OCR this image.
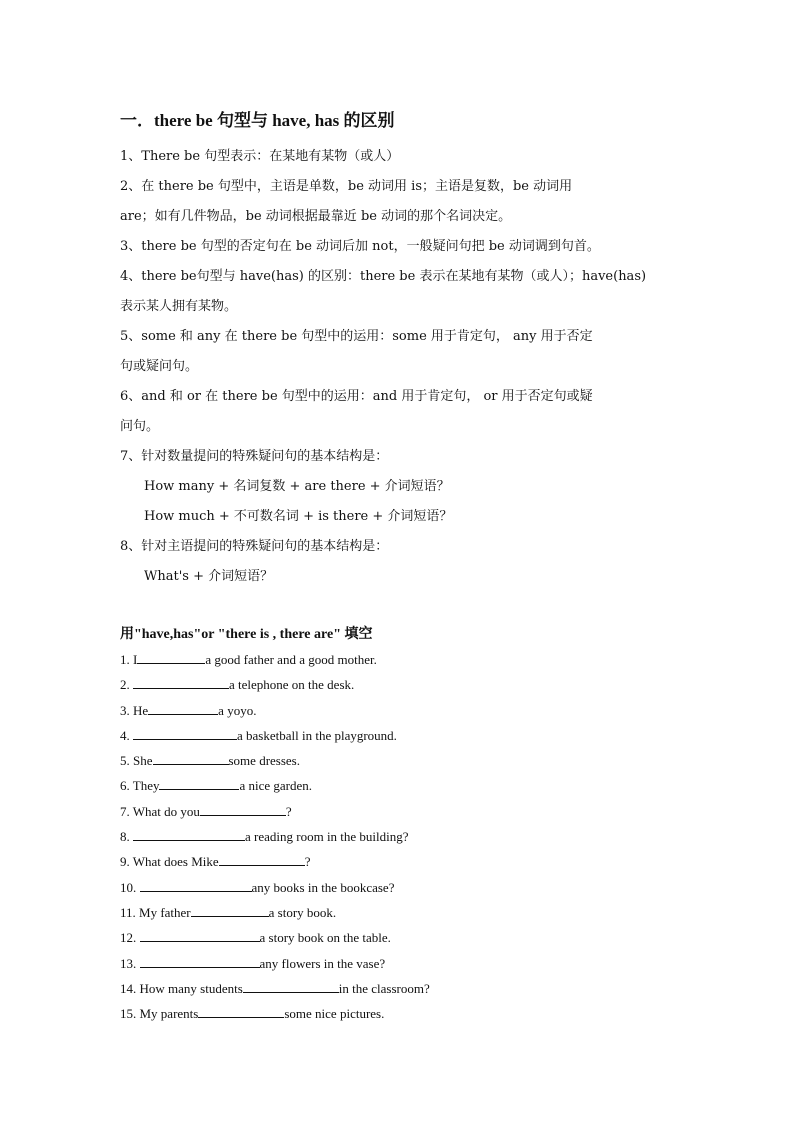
一．there be 句型与 have, has 的区别
1、There be 句型表示：在某地有某物（或人）
2、在 there be 句型中，主语是单数，be 动词用 is；主语是复数，be 动词用
are；如有几件物品，be 动词根据最靠近 be 动词的那个名词决定。
3、there be 句型的否定句在 be 动词后加 not，一般疑问句把 be 动词调到句首。
4、there be句型与 have(has) 的区别：there be 表示在某地有某物（或人）；have(has)
表示某人拥有某物。
5、some 和 any 在 there be 句型中的运用：some 用于肯定句， any 用于否定
句或疑问句。
6、and 和 or 在 there be 句型中的运用：and 用于肯定句， or 用于否定句或疑
问句。
7、针对数量提问的特殊疑问句的基本结构是：
How many + 名词复数 + are there + 介词短语？
How much + 不可数名词 + is there + 介词短语？
8、针对主语提问的特殊疑问句的基本结构是：
What's + 介词短语？
用"have,has"or "there is , there are" 填空
1. I	a good father and a good mother.
2.	a telephone on the desk.
3. He	a yoyo.
4.	a basketball in the playground.
5. She	some dresses.
6. They	a nice garden.
7. What do you	?
8.	a reading room in the building?
9. What does Mike	?
10.	any books in the bookcase?
11. My father	a story book.
12.	a story book on the table.
13.	any flowers in the vase?
14. How many students	in the classroom?
15. My parents	some nice pictures.
